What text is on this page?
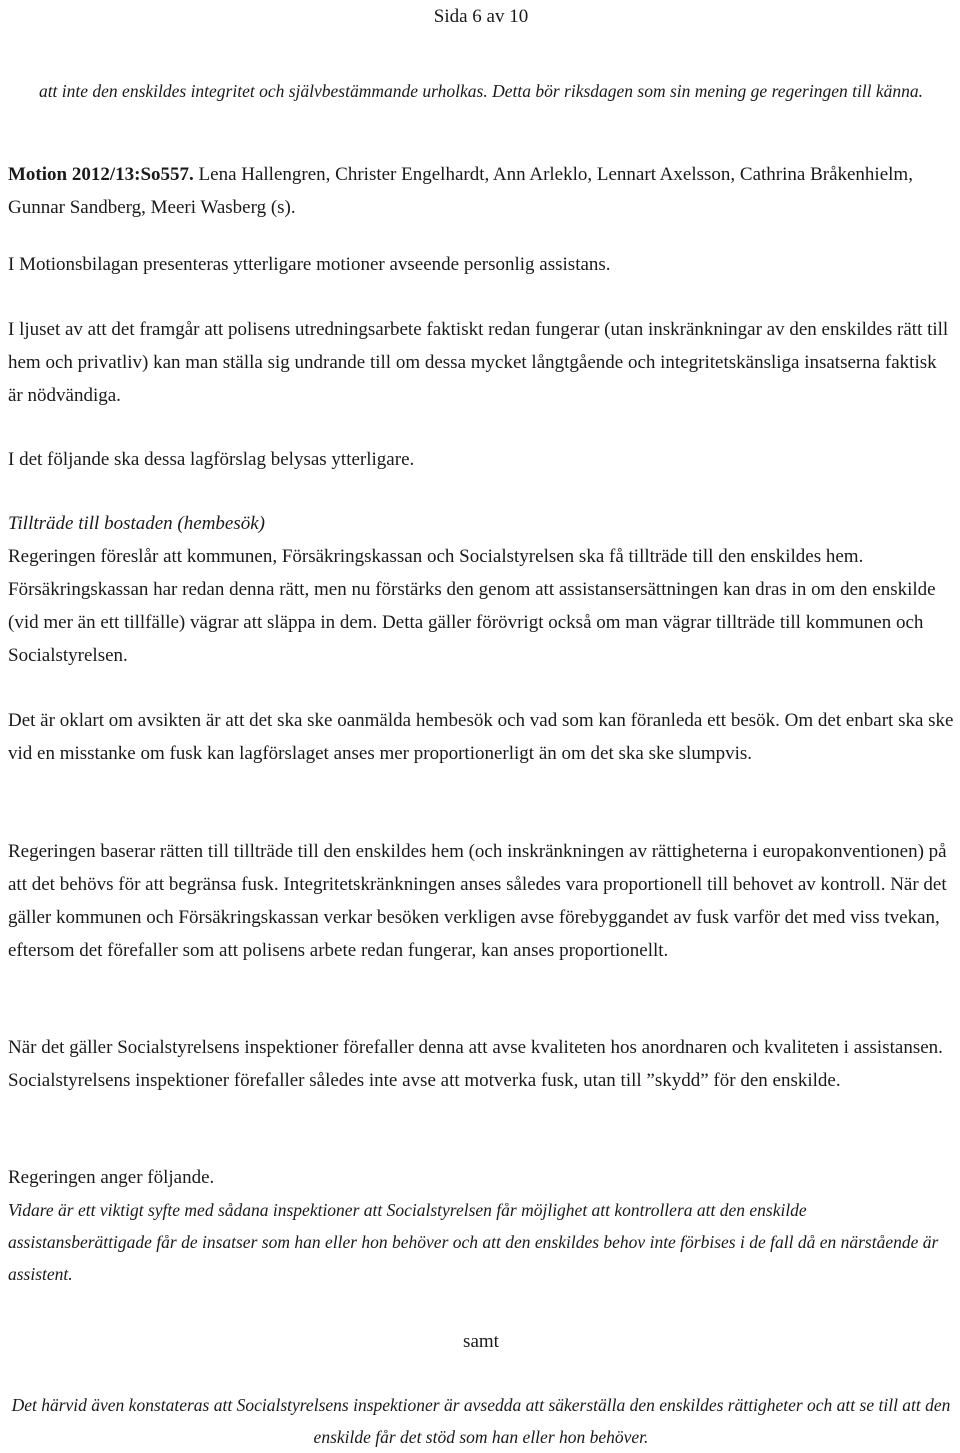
Sida 6 av 10

att inte den enskildes integritet och självbestämmande urholkas. Detta bör riksdagen som sin mening ge regeringen till känna.

Motion 2012/13:So557. Lena Hallengren, Christer Engelhardt, Ann Arleklo, Lennart Axelsson, Cathrina Bråkenhielm, Gunnar Sandberg, Meeri Wasberg (s).

I Motionsbilagan presenteras ytterligare motioner avseende personlig assistans.

I ljuset av att det framgår att polisens utredningsarbete faktiskt redan fungerar (utan inskränkningar av den enskildes rätt till hem och privatliv) kan man ställa sig undrande till om dessa mycket långtgående och integritetskänsliga insatserna faktisk är nödvändiga.

I det följande ska dessa lagförslag belysas ytterligare.

Tillträde till bostaden (hembesök)

Regeringen föreslår att kommunen, Försäkringskassan och Socialstyrelsen ska få tillträde till den enskildes hem. Försäkringskassan har redan denna rätt, men nu förstärks den genom att assistansersättningen kan dras in om den enskilde (vid mer än ett tillfälle) vägrar att släppa in dem. Detta gäller förövrigt också om man vägrar tillträde till kommunen och Socialstyrelsen.

Det är oklart om avsikten är att det ska ske oanmälda hembesök och vad som kan föranleda ett besök. Om det enbart ska ske vid en misstanke om fusk kan lagförslaget anses mer proportionerligt än om det ska ske slumpvis.

Regeringen baserar rätten till tillträde till den enskildes hem (och inskränkningen av rättigheterna i europakonventionen) på att det behövs för att begränsa fusk. Integritetskränkningen anses således vara proportionell till behovet av kontroll. När det gäller kommunen och Försäkringskassan verkar besöken verkligen avse förebyggandet av fusk varför det med viss tvekan, eftersom det förefaller som att polisens arbete redan fungerar, kan anses proportionellt.

När det gäller Socialstyrelsens inspektioner förefaller denna att avse kvaliteten hos anordnaren och kvaliteten i assistansen. Socialstyrelsens inspektioner förefaller således inte avse att motverka fusk, utan till ”skydd” för den enskilde.

Regeringen anger följande.

Vidare är ett viktigt syfte med sådana inspektioner att Socialstyrelsen får möjlighet att kontrollera att den enskilde assistansberättigade får de insatser som han eller hon behöver och att den enskildes behov inte förbises i de fall då en närstående är assistent.

samt

Det härvid även konstateras att Socialstyrelsens inspektioner är avsedda att säkerställa den enskildes rättigheter och att se till att den enskilde får det stöd som han eller hon behöver.
